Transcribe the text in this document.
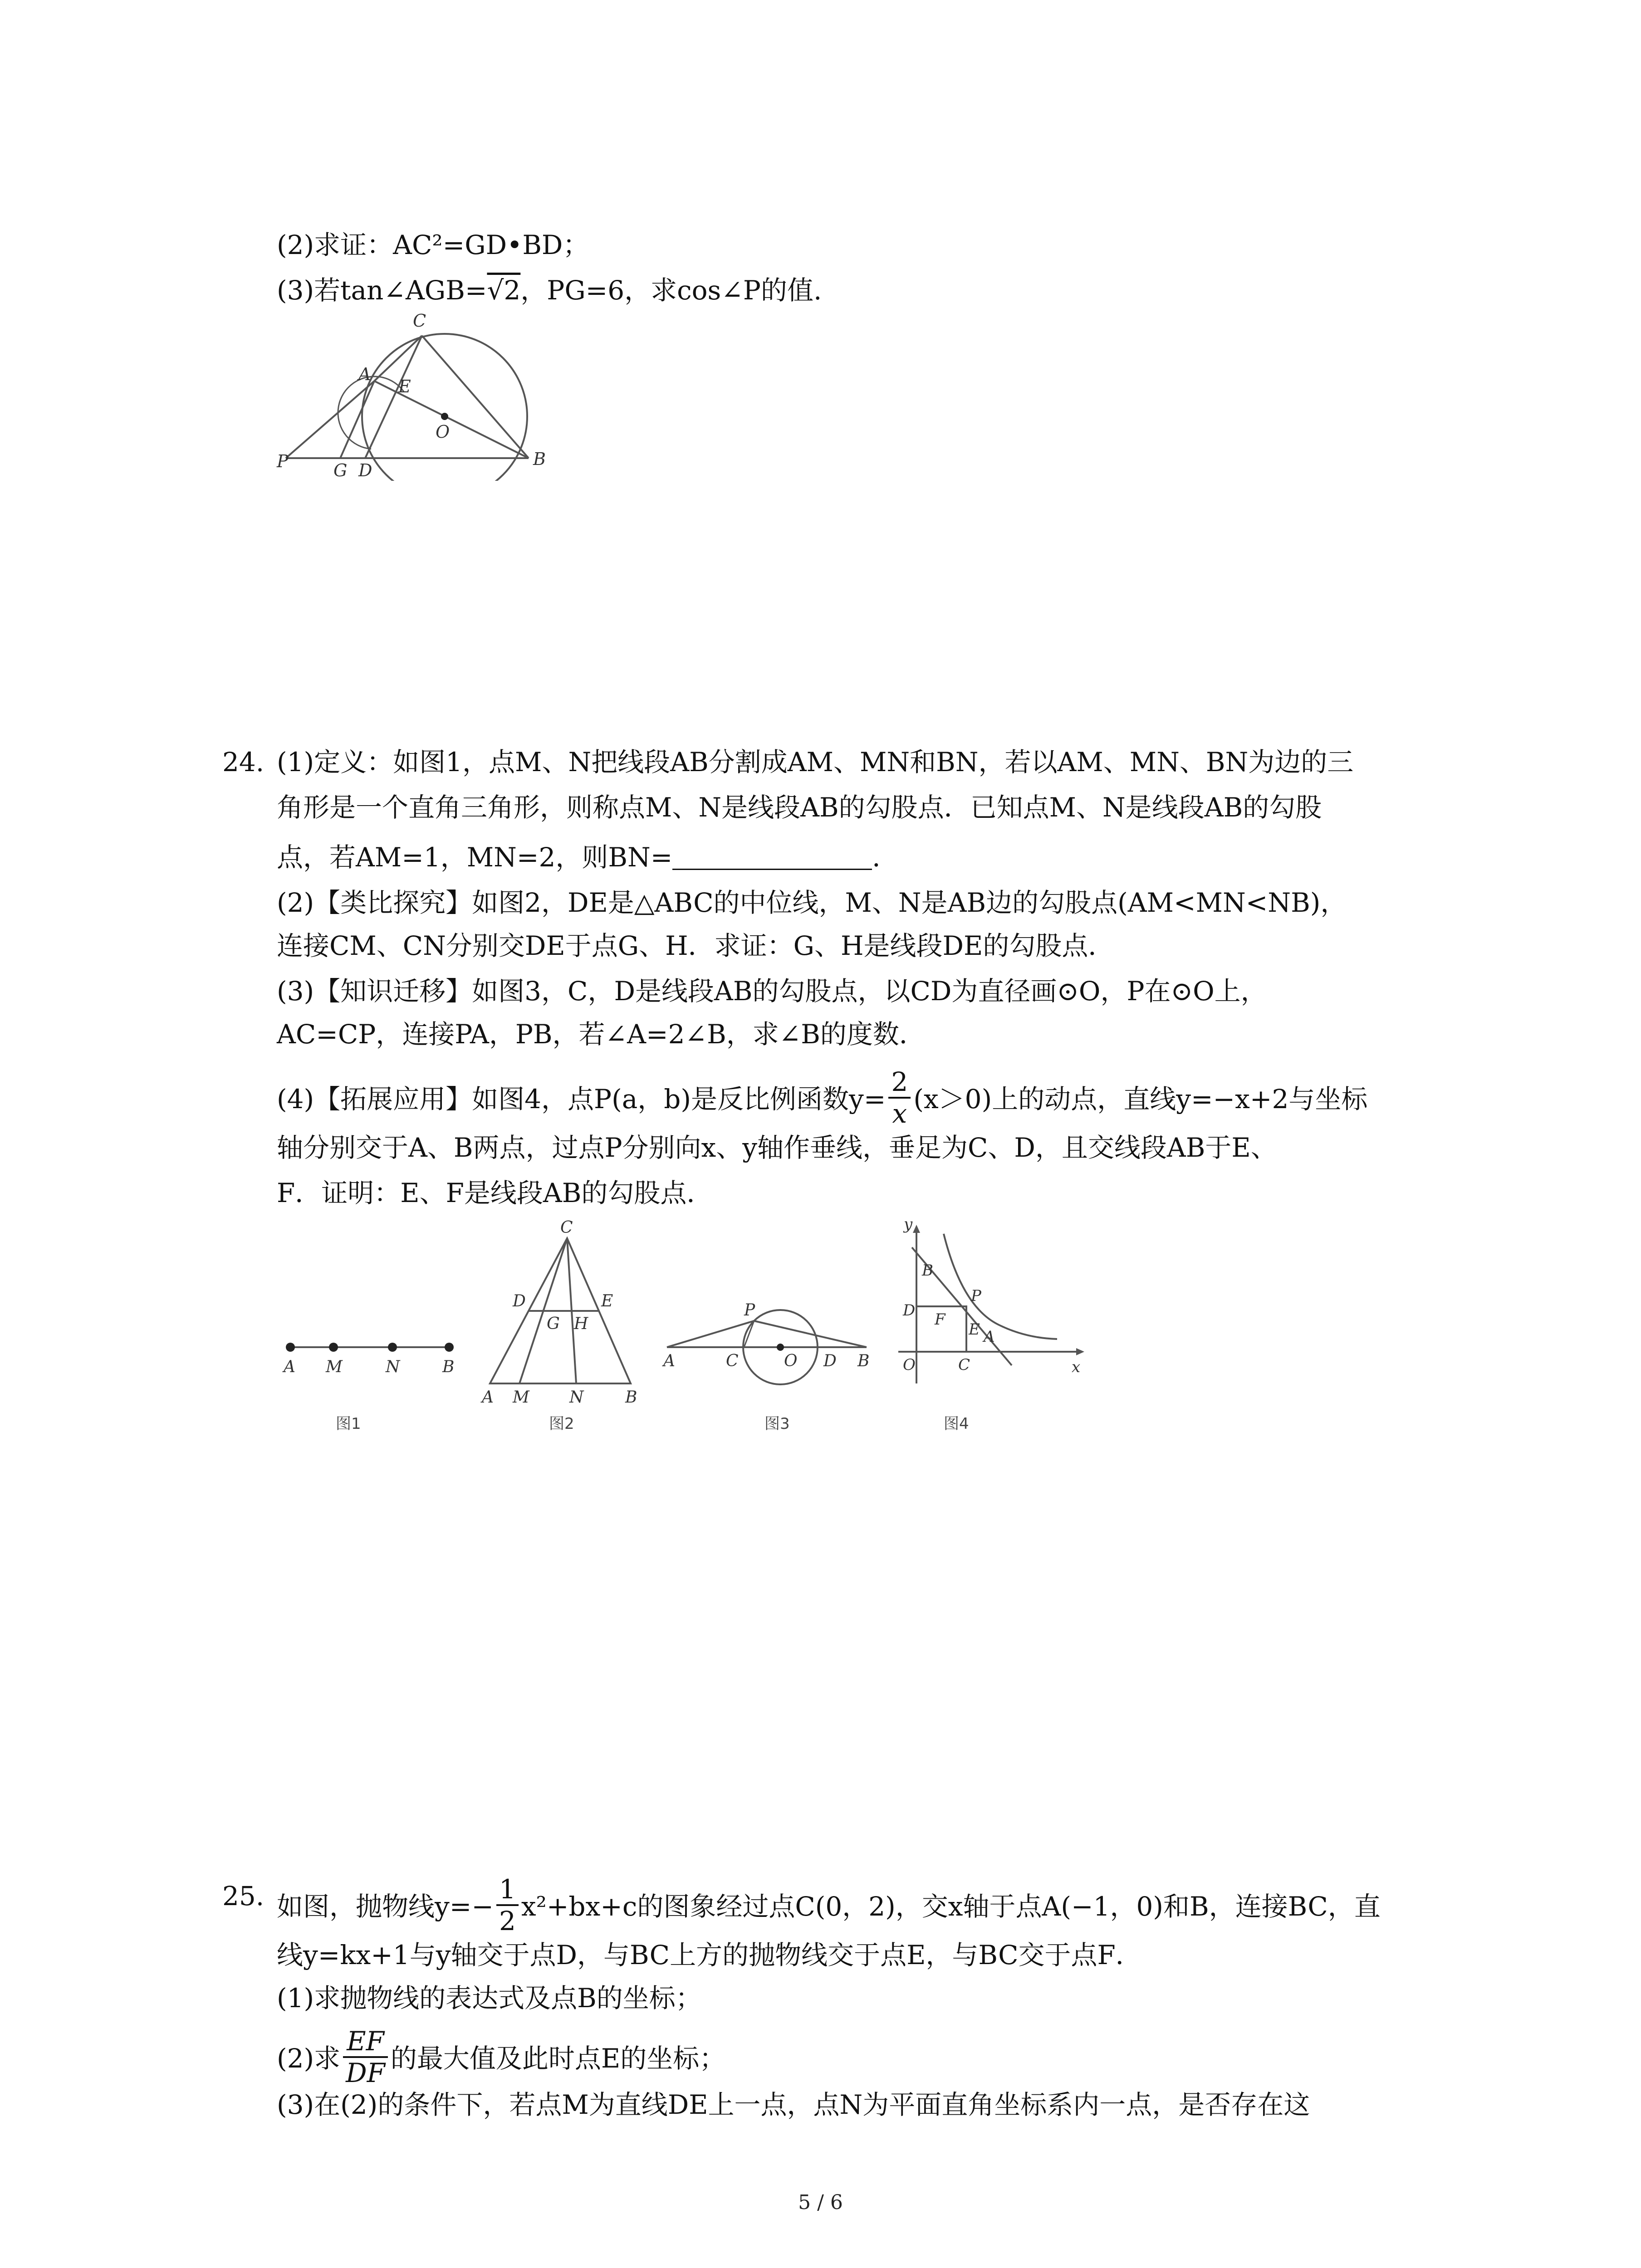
(2)求证：AC²=GD•BD；
(3)若tan∠AGB=√2，PG=6，求cos∠P的值.
P	G D
A
C
E
O
B
24. (1)定义：如图1，点M、N把线段AB分割成AM、MN和BN，若以AM、MN、BN为边的三
角形是一个直角三角形，则称点M、N是线段AB的勾股点．已知点M、N是线段AB的勾股
点，若AM=1，MN=2，则BN=	．
(2)【类比探究】如图2，DE是△ABC的中位线，M、N是AB边的勾股点(AM<MN<NB)，
连接CM、CN分别交DE于点G、H．求证：G、H是线段DE的勾股点．
(3)【知识迁移】如图3，C，D是线段AB的勾股点，以CD为直径画⊙O，P在⊙O上，
AC=CP，连接PA，PB，若∠A=2∠B，求∠B的度数．
(4)【拓展应用】如图4，点P(a，b)是反比例函数$y= \frac{2}{x} (x>0)$上的动点，直线y=−x+2与坐标
轴分别交于A、B两点，过点P分别向x、y轴作垂线，垂足为C、D，且交线段AB于E、
F．证明：E、F是线段AB的勾股点．
A M	N	B
图1
C
D	E
G H
A M N	B
图2
P
A	C	O D B
图3
y
B
P
D F
E A
O	C	x
图4
25. 如图，抛物线$y=- \frac{1}{2} x^2+bx+c$的图象经过点C(0，2)，交x轴于点A(−1，0)和B，连接BC，直
线y=kx+1与y轴交于点D，与BC上方的抛物线交于点E，与BC交于点F．
(1)求抛物线的表达式及点B的坐标；
(2)求 $\frac{EF}{DF}$ 的最大值及此时点E的坐标；
(3)在(2)的条件下，若点M为直线DE上一点，点N为平面直角坐标系内一点，是否存在这
5 / 6
